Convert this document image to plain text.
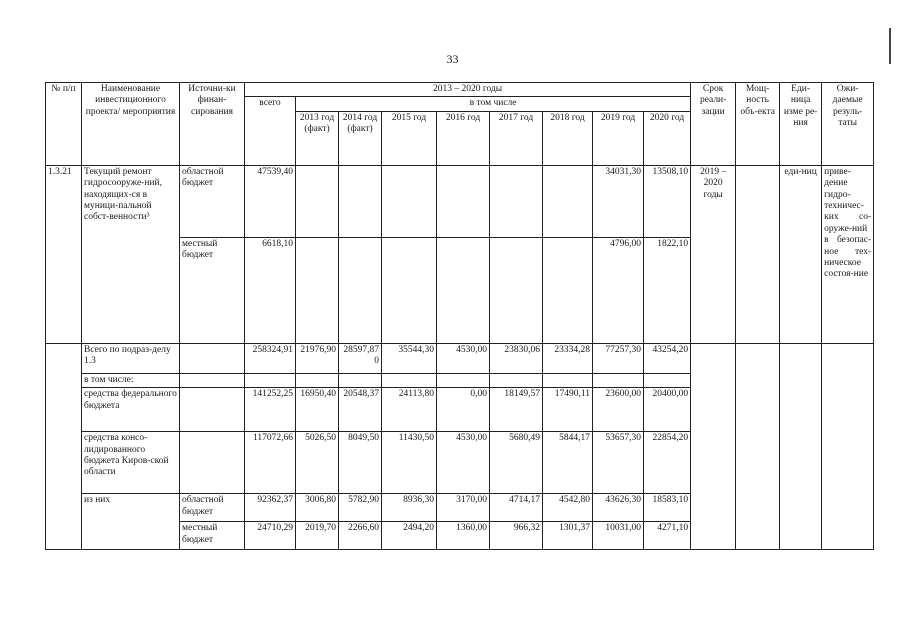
33
№ п/п	Наименование инвестиционного проекта/ мероприятия	Источни-ки финан-сирования	2013 – 2020 годы									Срок реали-зации	Мощ-ность объ-екта	Еди-ница изме ре-ния	Ожи-даемые резуль-таты
			всего	в том числе											
				2013 год (факт)	2014 год (факт)	2015 год	2016 год	2017 год	2018 год	2019 год	2020 год				
1.3.21	Текущий ремонт гидросооруже-ний, находящих-ся в муници-пальной собст-венности³	областной бюджет	47539,40							34031,30	13508,10	2019 – 2020 годы		еди-ниц	приве-дение гидро-техничес-ких со-оруже-ний в безопас-ное тех-ническое состоя-ние
		местный бюджет	6618,10							4796,00	1822,10				
	Всего по подраз-делу 1.3		258324,91	21976,90	28597,870	35544,30	4530,00	23830,06	23334,28	77257,30	43254,20				
	в том числе:														
	средства федерального бюджета		141252,25	16950,40	20548,37	24113,80	0,00	18149,57	17490,11	23600,00	20400,00				
	средства консо-лидированного бюджета Киров-ской области		117072,66	5026,50	8049,50	11430,50	4530,00	5680,49	5844,17	53657,30	22854,20				
	из них	областной бюджет	92362,37	3006,80	5782,90	8936,30	3170,00	4714,17	4542,80	43626,30	18583,10				
		местный бюджет	24710,29	2019,70	2266,60	2494,20	1360,00	966,32	1301,37	10031,00	4271,10				
